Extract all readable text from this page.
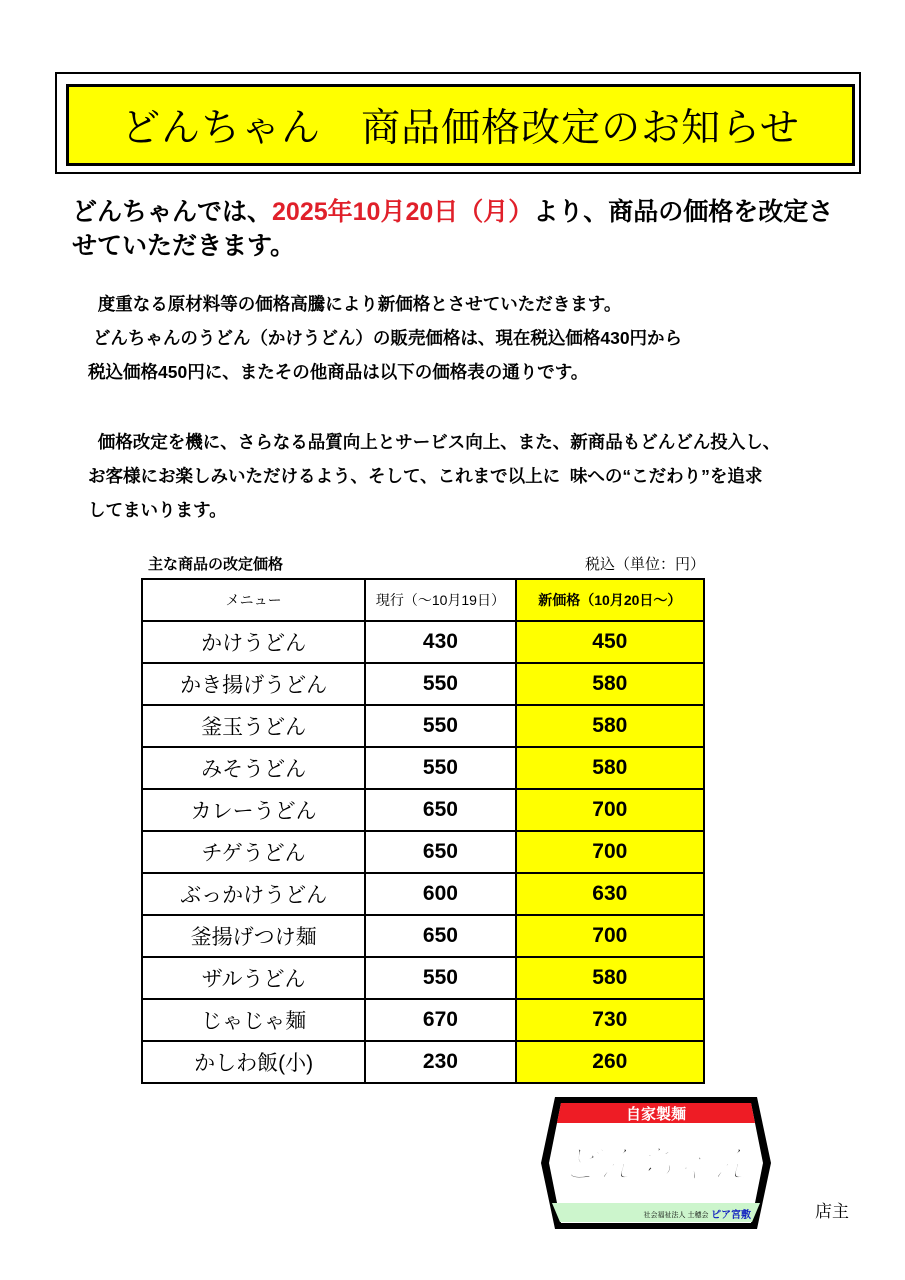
どんちゃん　商品価格改定のお知らせ
どんちゃんでは、2025年10月20日（月）より、商品の価格を改定させていただきます。
度重なる原材料等の価格高騰により新価格とさせていただきます。
どんちゃんのうどん（かけうどん）の販売価格は、現在税込価格430円から
税込価格450円に、またその他商品は以下の価格表の通りです。
価格改定を機に、さらなる品質向上とサービス向上、また、新商品もどんどん投入し、
お客様にお楽しみいただけるよう、そして、これまで以上に  味への“こだわり”を追求
してまいります。
主な商品の改定価格	税込（単位：円）
メニュー	現行（～10月19日）	新価格（10月20日～）
かけうどん	430	450
かき揚げうどん	550	580
釜玉うどん	550	580
みそうどん	550	580
カレーうどん	650	700
チゲうどん	650	700
ぶっかけうどん	600	630
釜揚げつけ麺	650	700
ザルうどん	550	580
じゃじゃ麺	670	730
かしわ飯(小)	230	260
自家製麺
どんちゃん
社会福祉法人 土穂会 ピア宮敷	店主
